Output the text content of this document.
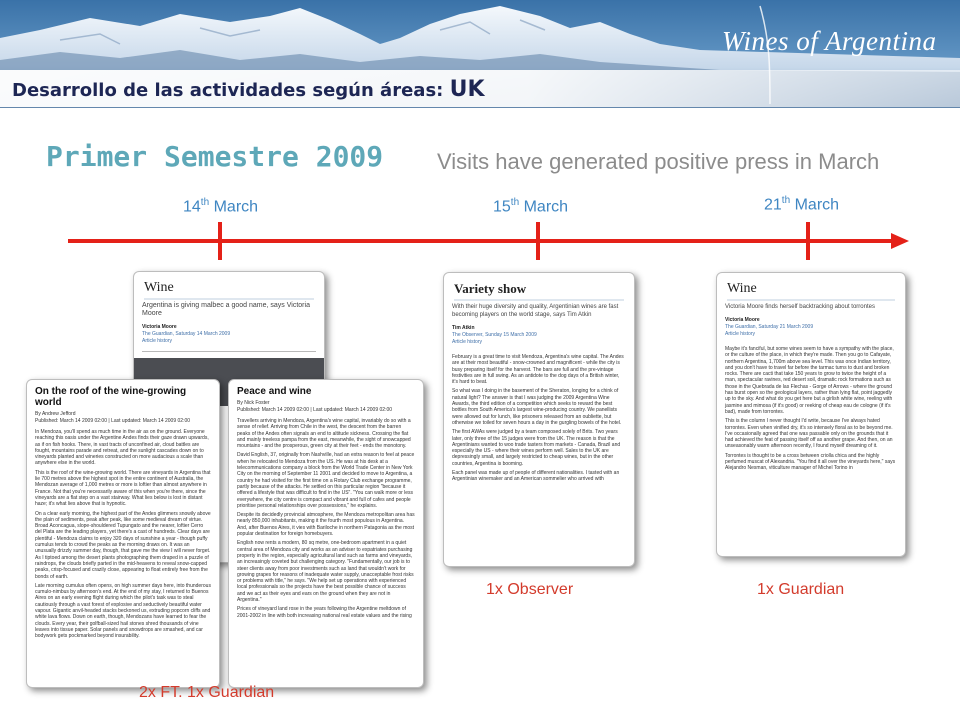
Wines of Argentina
Desarrollo de las actividades según áreas: UK
Primer Semestre 2009 Visits have generated positive press in March
14th March	15th March	21th March
Wine
Argentina is giving malbec a good name, says Victoria Moore
Victoria Moore
The Guardian, Saturday 14 March 2009
Article history
On the roof of the wine-growing world
By Andrew Jefford
Published: March 14 2009 02:00 | Last updated: March 14 2009 02:00

In Mendoza, you'll spend as much time in the air as on the ground. Everyone reaching this oasis under the Argentine Andes finds their gaze drawn upwards, as if on fish hooks. There, in vast tracts of unconfined air, cloud battles are fought, mountains parade and retreat, and the sunlight cascades down on to vineyards planted and wineries constructed on more audacious a scale than anywhere else in the world.

This is the roof of the wine-growing world. There are vineyards in Argentina that lie 700 metres above the highest spot in the entire continent of Australia, the Mendozan average of 1,000 metres or more is loftier than almost anywhere in France. Not that you're necessarily aware of this when you're there, since the vineyards are a flat step on a vast stairway. What lies below is lost in distant haze; it's what lies above that is hypnotic.

On a clear early morning, the highest part of the Andes glimmers snowily above the plain of sediments, peak after peak, like some medieval dream of virtue. Broad Aconcagua, slope-shouldered Tupungato and the nearer, loftier Cerro del Plata are the leading players, yet there's a cast of hundreds. Clear days are plentiful - Mendoza claims to enjoy 320 days of sunshine a year - though puffy cumulus tends to crowd the peaks as the morning draws on. It was an unusually drizzly summer day, though, that gave me the view I will never forget. As I tiptoed among the desert plants photographing them draped in a puzzle of raindrops, the clouds briefly parted in the mid-heavens to reveal snow-capped peaks, crisp-focused and crazily close, appearing to float entirely free from the bonds of earth.

Late morning cumulus often opens, on high summer days here, into thunderous cumulo-nimbus by afternoon's end. At the end of my stay, I returned to Buenos Aires on an early evening flight during which the pilot's task was to steal cautiously through a vast forest of explosive and seductively beautiful water vapour. Gigantic anvil-headed stacks beckoned us, extruding popcorn cliffs and white lava flows. Down on earth, though, Mendozans have learned to fear the clouds. Every year, their golfball-sized hail stones shred thousands of vine leaves into tissue paper. Solar panels and snowdrops are smashed, and car bodywork gets pockmarked beyond insurability.

Peace and wine
By Nick Foster
Published: March 14 2009 02:00 | Last updated: March 14 2009 02:00

Travellers arriving in Mendoza, Argentina's wine capital, invariably do so with a sense of relief. Arriving from Chile in the west, the descent from the barren peaks of the Andes often signals an end to altitude sickness. Crossing the flat and mainly treeless pampa from the east, meanwhile, the sight of snowcapped mountains - and the prosperous, green city at their feet - ends the monotony.

David English, 37, originally from Nashville, had an extra reason to feel at peace when he relocated to Mendoza from the US. He was at his desk at a telecommunications company a block from the World Trade Center in New York City on the morning of September 11 2001 and decided to move to Argentina, a country he had visited for the first time on a Rotary Club exchange programme, partly because of the attacks. He settled on this particular region "because it offered a lifestyle that was difficult to find in the US". "You can walk more or less everywhere, the city centre is compact and vibrant and full of cafes and people prioritise personal relationships over possessions," he explains.

Despite its decidedly provincial atmosphere, the Mendoza metropolitan area has nearly 850,000 inhabitants, making it the fourth most populous in Argentina. And, after Buenos Aires, it vies with Bariloche in northern Patagonia as the most popular destination for foreign homebuyers.

English now rents a modern, 80 sq metre, one-bedroom apartment in a quiet central area of Mendoza city and works as an adviser to expatriates purchasing property in the region, especially agricultural land such as farms and vineyards, an increasingly coveted but challenging category. "Fundamentally, our job is to steer clients away from poor investments such as land that wouldn't work for growing grapes for reasons of inadequate water supply, unacceptable frost risks or problems with title," he says. "We help set up operations with experienced local professionals so the projects have the best possible chance of success and we act as their eyes and ears on the ground when they are not in Argentina."

Prices of vineyard land rose in the years following the Argentine meltdown of 2001-2002 in line with both increasing national real estate values and the rising

Variety show
With their huge diversity and quality, Argentinian wines are fast becoming players on the world stage, says Tim Atkin
Tim Atkin
The Observer, Sunday 15 March 2009
Article history

February is a great time to visit Mendoza, Argentina's wine capital. The Andes are at their most beautiful - snow-crowned and magnificent - while the city is busy preparing itself for the harvest. The bars are full and the pre-vintage festivities are in full swing. As an antidote to the dog days of a British winter, it's hard to beat.

So what was I doing in the basement of the Sheraton, longing for a chink of natural light? The answer is that I was judging the 2009 Argentina Wine Awards, the third edition of a competition which seeks to reward the best bottles from South America's largest wine-producing country. We panellists were allowed out for lunch, like prisoners released from an oubliette, but otherwise we toiled for seven hours a day in the gurgling bowels of the hotel.

The first AWAs were judged by a team composed solely of Brits. Two years later, only three of the 15 judges were from the UK. The reason is that the Argentinians wanted to woo trade tasters from markets - Canada, Brazil and especially the US - where their wines perform well. Sales to the UK are depressingly small, and largely restricted to cheap wines, but in the other countries, Argentina is booming.

Each panel was made up of people of different nationalities. I tasted with an Argentinian winemaker and an American sommelier who arrived with

Wine
Victoria Moore finds herself backtracking about torrontes
Victoria Moore
The Guardian, Saturday 21 March 2009
Article history

Maybe it's fanciful, but some wines seem to have a sympathy with the place, or the culture of the place, in which they're made. Then you go to Cafayate, northern Argentina, 1,700m above sea level. This was once Indian territory, and you don't have to travel far before the tarmac turns to dust and broken rocks. There are cacti that take 150 years to grow to twice the height of a man, spectacular ravines, red desert soil, dramatic rock formations such as those in the Quebrada de las Flechas - Gorge of Arrows - where the ground has burst open so the geological layers, rather than lying flat, point jaggedly up to the sky. And what do you get here but a girlish white wine, reeling with jasmine and mimosa (if it's good) or reeking of cheap eau de cologne (if it's bad), made from torrontes.

This is the column I never thought I'd write, because I've always hated torrontes. Even when vinified dry, it's so intensely floral as to be beyond me. I've occasionally agreed that one was passable only on the grounds that it had achieved the feat of passing itself off as another grape. And then, on an unseasonably warm afternoon recently, I found myself dreaming of it.

Torrontes is thought to be a cross between criolla chica and the highly perfumed muscat of Alexandria. "You find it all over the vineyards here," says Alejandro Nesman, viticulture manager of Michel Torino in

2x FT. 1x Guardian
1x Observer	1x Guardian
